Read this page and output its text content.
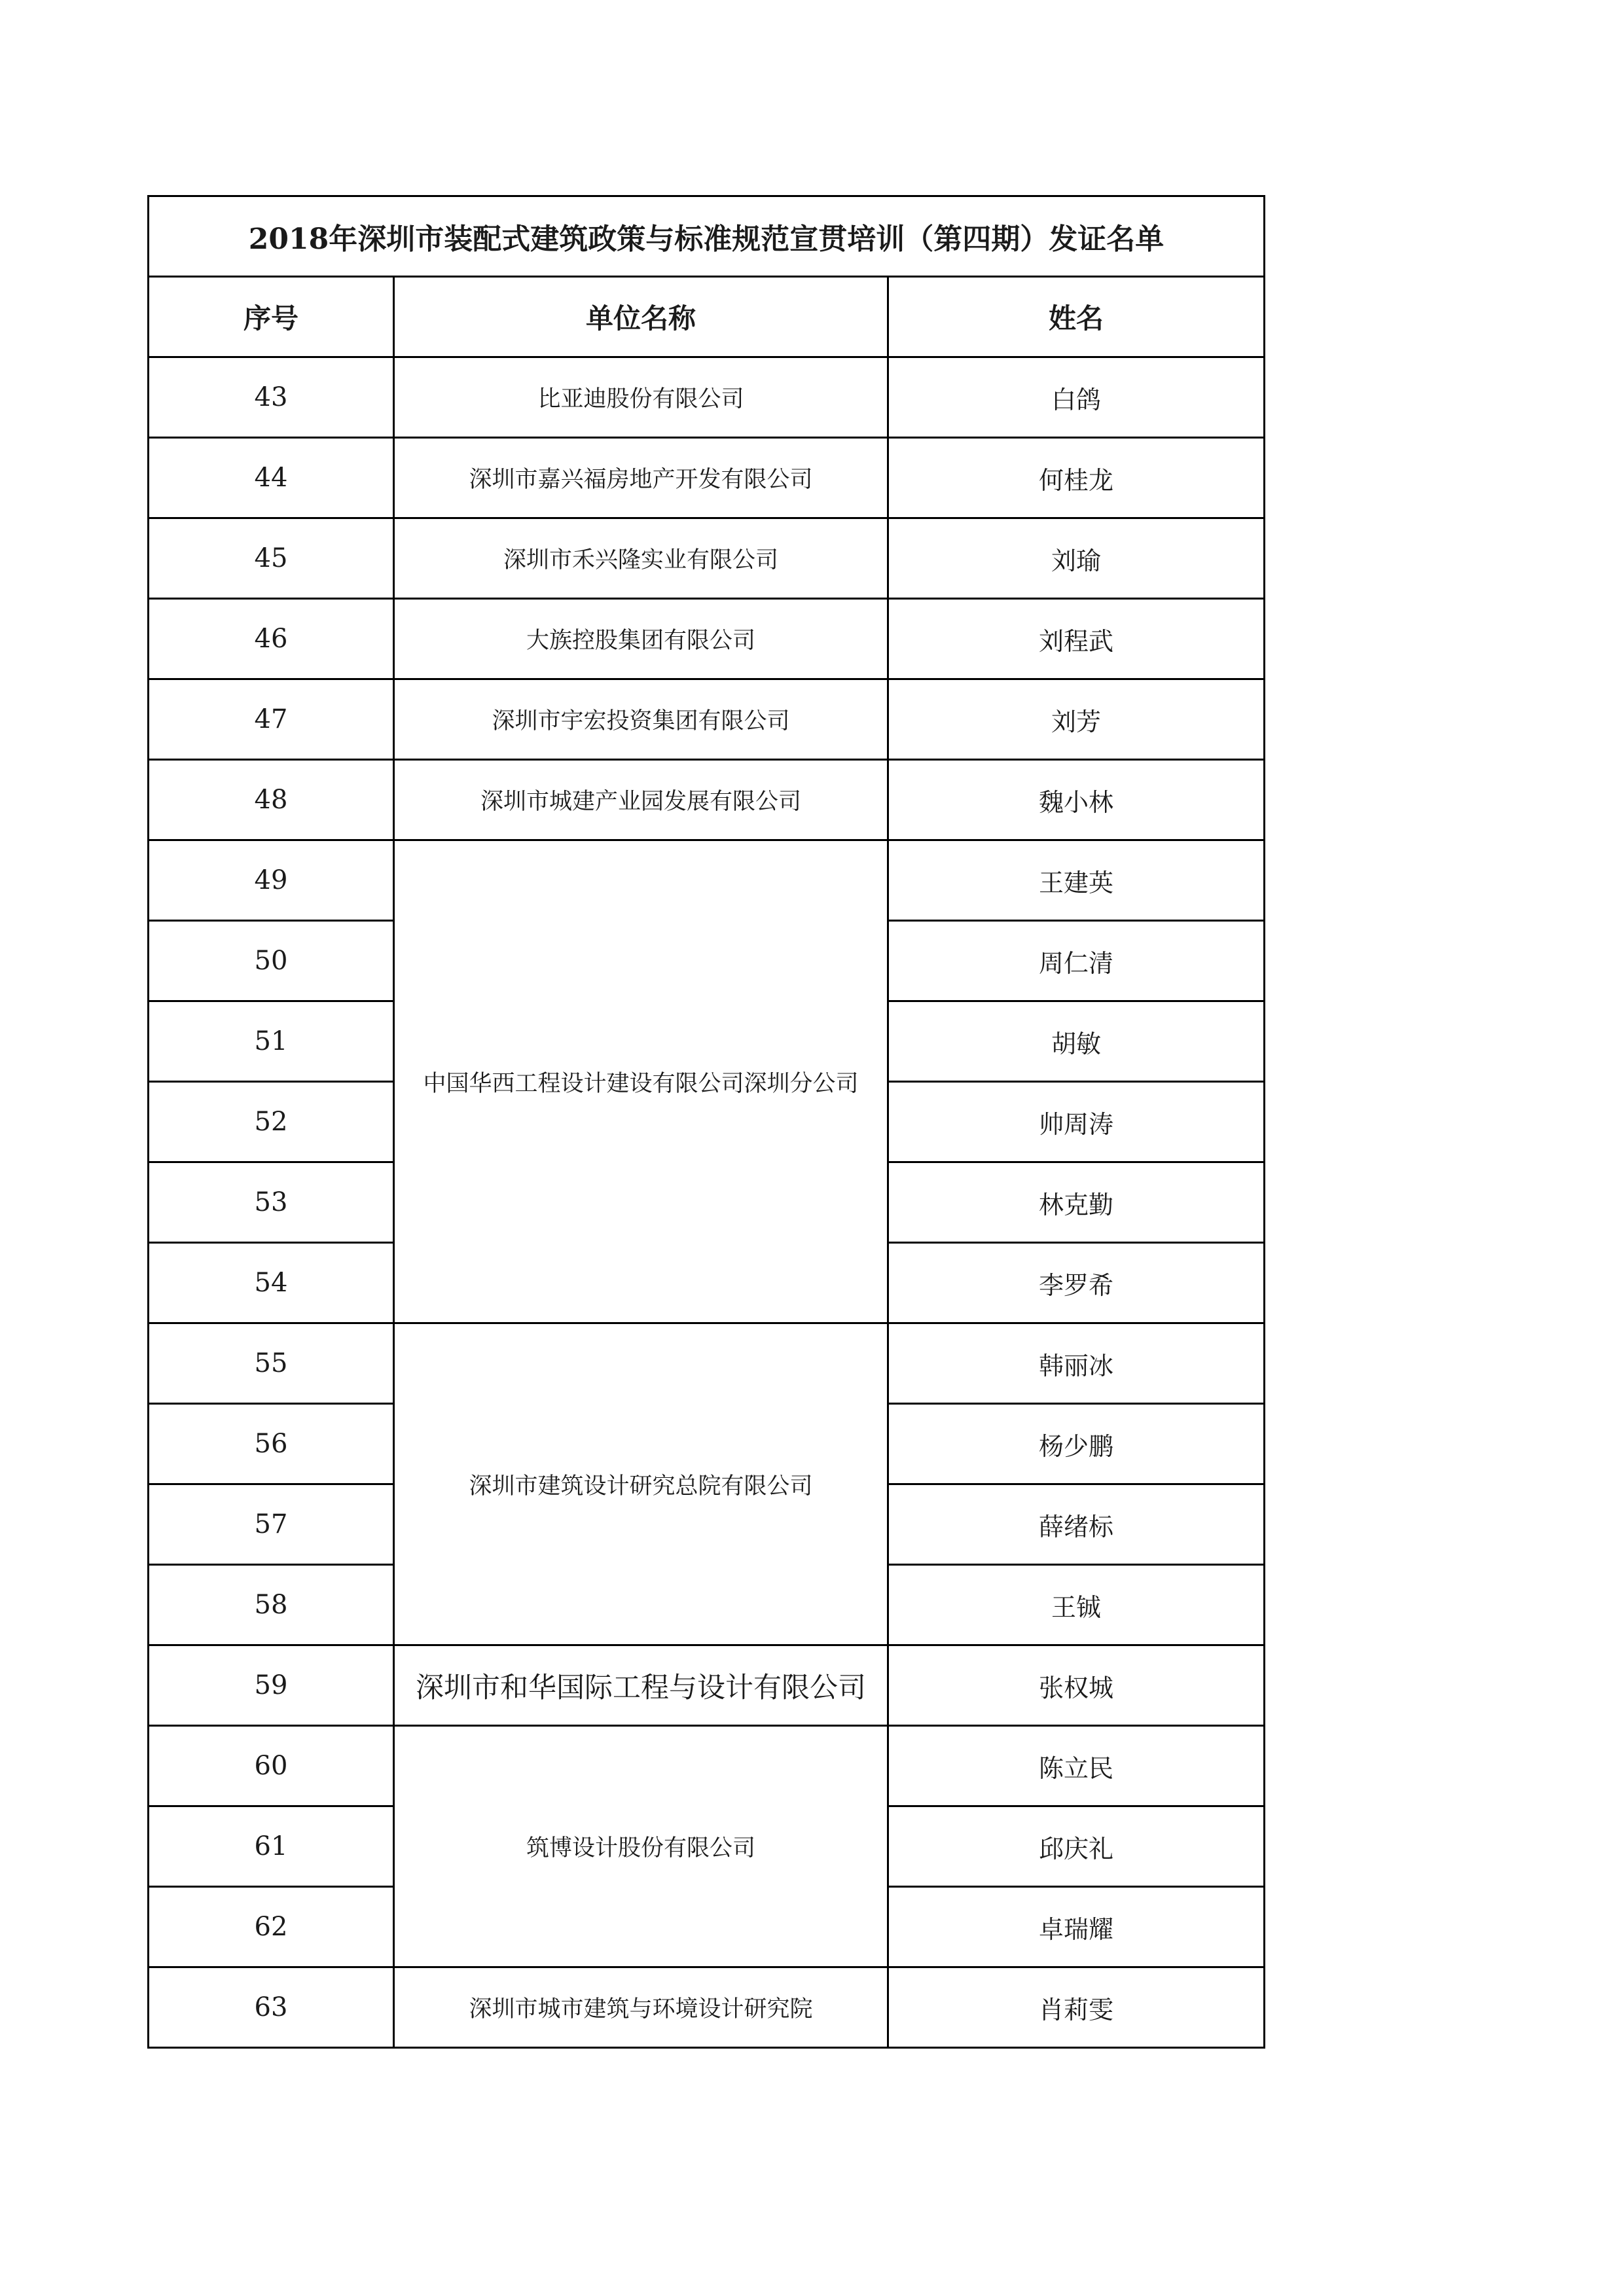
2018年深圳市装配式建筑政策与标准规范宣贯培训（第四期）发证名单		
序号	单位名称	姓名
43	比亚迪股份有限公司	白鸽
44	深圳市嘉兴福房地产开发有限公司	何桂龙
45	深圳市禾兴隆实业有限公司	刘瑜
46	大族控股集团有限公司	刘程武
47	深圳市宇宏投资集团有限公司	刘芳
48	深圳市城建产业园发展有限公司	魏小林
49	中国华西工程设计建设有限公司深圳分公司	王建英
50		周仁清
51		胡敏
52		帅周涛
53		林克勤
54		李罗希
55	深圳市建筑设计研究总院有限公司	韩丽冰
56		杨少鹏
57		薛绪标
58		王铖
59	深圳市和华国际工程与设计有限公司	张权城
60	筑博设计股份有限公司	陈立民
61		邱庆礼
62		卓瑞耀
63	深圳市城市建筑与环境设计研究院	肖莉雯
